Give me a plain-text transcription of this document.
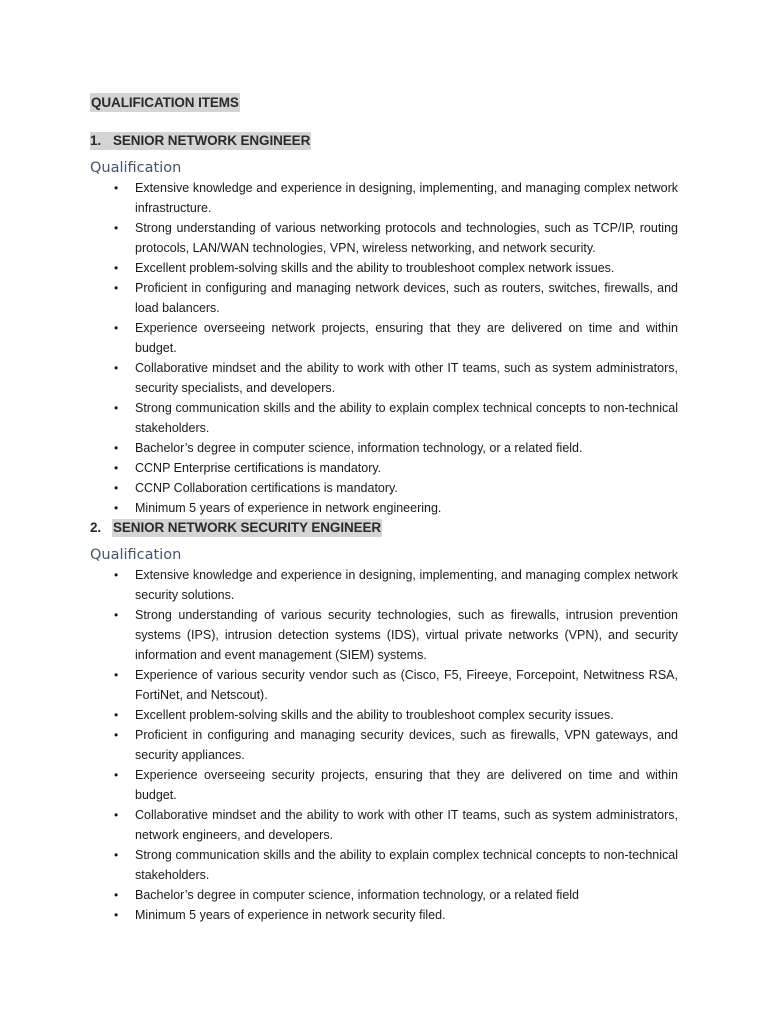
QUALIFICATION ITEMS
1. SENIOR NETWORK ENGINEER
Qualification
• Extensive knowledge and experience in designing, implementing, and managing complex network infrastructure.
• Strong understanding of various networking protocols and technologies, such as TCP/IP, routing protocols, LAN/WAN technologies, VPN, wireless networking, and network security.
• Excellent problem-solving skills and the ability to troubleshoot complex network issues.
• Proficient in configuring and managing network devices, such as routers, switches, firewalls, and load balancers.
• Experience overseeing network projects, ensuring that they are delivered on time and within budget.
• Collaborative mindset and the ability to work with other IT teams, such as system administrators, security specialists, and developers.
• Strong communication skills and the ability to explain complex technical concepts to non-technical stakeholders.
• Bachelor’s degree in computer science, information technology, or a related field.
• CCNP Enterprise certifications is mandatory.
• CCNP Collaboration certifications is mandatory.
• Minimum 5 years of experience in network engineering.
2. SENIOR NETWORK SECURITY ENGINEER
Qualification
• Extensive knowledge and experience in designing, implementing, and managing complex network security solutions.
• Strong understanding of various security technologies, such as firewalls, intrusion prevention systems (IPS), intrusion detection systems (IDS), virtual private networks (VPN), and security information and event management (SIEM) systems.
• Experience of various security vendor such as (Cisco, F5, Fireeye, Forcepoint, Netwitness RSA, FortiNet, and Netscout).
• Excellent problem-solving skills and the ability to troubleshoot complex security issues.
• Proficient in configuring and managing security devices, such as firewalls, VPN gateways, and security appliances.
• Experience overseeing security projects, ensuring that they are delivered on time and within budget.
• Collaborative mindset and the ability to work with other IT teams, such as system administrators, network engineers, and developers.
• Strong communication skills and the ability to explain complex technical concepts to non-technical stakeholders.
• Bachelor’s degree in computer science, information technology, or a related field
• Minimum 5 years of experience in network security filed.
